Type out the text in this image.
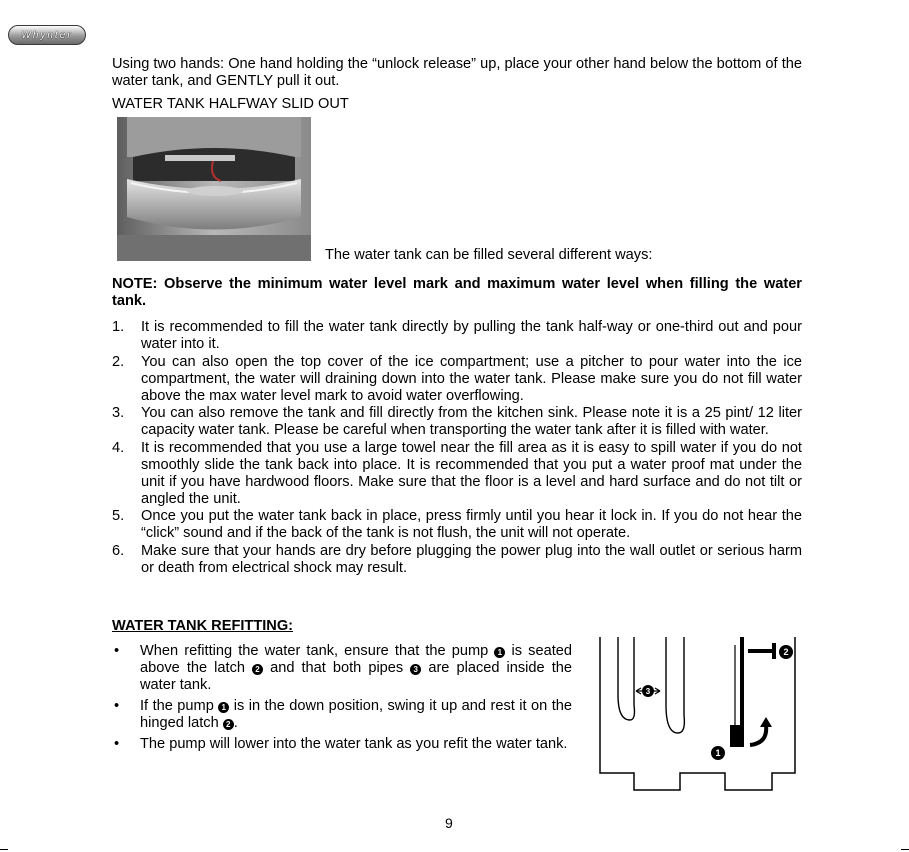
Whynter
Using two hands: One hand holding the “unlock release” up, place your other hand below the bottom of the water tank, and GENTLY pull it out.
WATER TANK HALFWAY SLID OUT
The water tank can be filled several different ways:
NOTE: Observe the minimum water level mark and maximum water level when filling the water tank.
1. It is recommended to fill the water tank directly by pulling the tank half-way or one-third out and pour water into it.
2. You can also open the top cover of the ice compartment; use a pitcher to pour water into the ice compartment, the water will draining down into the water tank. Please make sure you do not fill water above the max water level mark to avoid water overflowing.
3. You can also remove the tank and fill directly from the kitchen sink. Please note it is a 25 pint/ 12 liter capacity water tank. Please be careful when transporting the water tank after it is filled with water.
4. It is recommended that you use a large towel near the fill area as it is easy to spill water if you do not smoothly slide the tank back into place. It is recommended that you put a water proof mat under the unit if you have hardwood floors. Make sure that the floor is a level and hard surface and do not tilt or angled the unit.
5. Once you put the water tank back in place, press firmly until you hear it lock in. If you do not hear the “click” sound and if the back of the tank is not flush, the unit will not operate.
6. Make sure that your hands are dry before plugging the power plug into the wall outlet or serious harm or death from electrical shock may result.
WATER TANK REFITTING:
• When refitting the water tank, ensure that the pump 1 is seated above the latch 2 and that both pipes 3 are placed inside the water tank.
• If the pump 1 is in the down position, swing it up and rest it on the hinged latch 2 .
• The pump will lower into the water tank as you refit the water tank.
3
2
1
9
